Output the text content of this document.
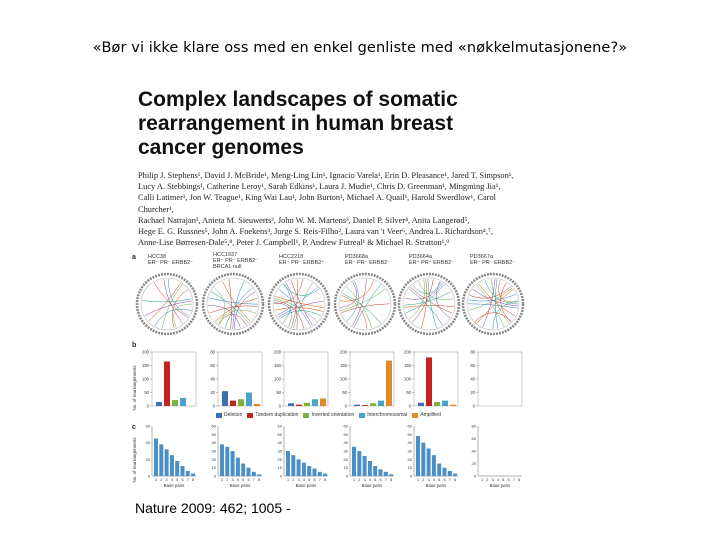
«Bør vi ikke klare oss med en enkel genliste med «nøkkelmutasjonene?»
Complex landscapes of somatic rearrangement in human breast cancer genomes
Philip J. Stephens¹, David J. McBride¹, Meng-Ling Lin¹, Ignacio Varela¹, Erin D. Pleasance¹, Jared T. Simpson¹,
Lucy A. Stebbings¹, Catherine Leroy¹, Sarah Edkins¹, Laura J. Mudie¹, Chris D. Greenman¹, Mingming Jia¹,
Calli Latimer¹, Jon W. Teague¹, King Wai Lau¹, John Burton¹, Michael A. Quail¹, Harold Swerdlow¹, Carol Churcher¹,
Rachael Natrajan², Anieta M. Sieuwerts³, John W. M. Martens³, Daniel P. Silver⁴, Anita Langerød⁵,
Hege E. G. Russnes⁵, John A. Foekens³, Jorge S. Reis-Filho², Laura van 't Veer⁶, Andrea L. Richardson⁴,⁷,
Anne-Lise Børresen-Dale⁵,⁸, Peter J. Campbell¹, P. Andrew Futreal¹ & Michael R. Stratton¹,⁹
a
b
c
HCC38
ER⁻ PR⁻ ERBB2⁻
HCC1937
ER⁻ PR⁻ ERBB2⁻
BRCA1 null
HCC2218
ER⁻ PR⁻ ERBB2⁺
PD3668a
ER⁻ PR⁻ ERBB2⁻
PD3664a
ER⁺ PR⁺ ERBB2⁻
PD3667a
ER⁻ PR⁻ ERBB2⁻
0
50
100
150
200
0
20
40
60
80
0
50
100
150
200
0
50
100
150
200
0
50
100
150
200
0
20
40
60
80
0
20
40
60
1 2 3 4 5 6 7 8
Base pairs
0
10
20
30
40
50
60
1 2 3 4 5 6 7 8
Base pairs
0
10
20
30
40
50
60
1 2 3 4 5 6 7 8
Base pairs
0
10
20
30
40
50
60
1 2 3 4 5 6 7 8
Base pairs
0
10
20
30
40
50
60
1 2 3 4 5 6 7 8
Base pairs
0
20
40
60
80
1 2 3 4 5 6 7 8
Base pairs
No. of rearrangements
No. of rearrangements
Deletion	Tandem duplication	Inverted orientation	Interchromosomal	Amplified
Nature 2009: 462; 1005 -
